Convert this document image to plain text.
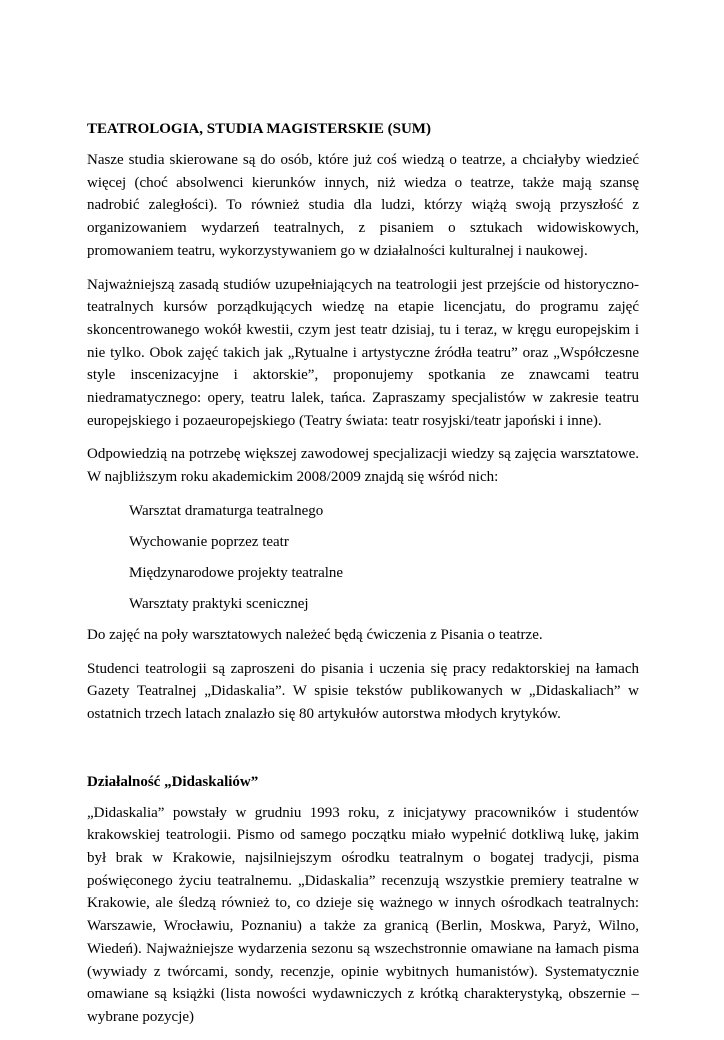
TEATROLOGIA, STUDIA MAGISTERSKIE (SUM)

Nasze studia skierowane są do osób, które już coś wiedzą o teatrze, a chciałyby wiedzieć więcej (choć absolwenci kierunków innych, niż wiedza o teatrze, także mają szansę nadrobić zaległości). To również studia dla ludzi, którzy wiążą swoją przyszłość z organizowaniem wydarzeń teatralnych, z pisaniem o sztukach widowiskowych, promowaniem teatru, wykorzystywaniem go w działalności kulturalnej i naukowej.

Najważniejszą zasadą studiów uzupełniających na teatrologii jest przejście od historyczno-teatralnych kursów porządkujących wiedzę na etapie licencjatu, do programu zajęć skoncentrowanego wokół kwestii, czym jest teatr dzisiaj, tu i teraz, w kręgu europejskim i nie tylko. Obok zajęć takich jak „Rytualne i artystyczne źródła teatru” oraz „Współczesne style inscenizacyjne i aktorskie”, proponujemy spotkania ze znawcami teatru niedramatycznego: opery, teatru lalek, tańca. Zapraszamy specjalistów w zakresie teatru europejskiego i pozaeuropejskiego (Teatry świata: teatr rosyjski/teatr japoński i inne).

Odpowiedzią na potrzebę większej zawodowej specjalizacji wiedzy są zajęcia warsztatowe. W najbliższym roku akademickim 2008/2009 znajdą się wśród nich:

Warsztat dramaturga teatralnego
Wychowanie poprzez teatr
Międzynarodowe projekty teatralne
Warsztaty praktyki scenicznej

Do zajęć na poły warsztatowych należeć będą ćwiczenia z Pisania o teatrze.

Studenci teatrologii są zaproszeni do pisania i uczenia się pracy redaktorskiej na łamach Gazety Teatralnej „Didaskalia”. W spisie tekstów publikowanych w „Didaskaliach” w ostatnich trzech latach znalazło się 80 artykułów autorstwa młodych krytyków.

Działalność „Didaskaliów”

„Didaskalia” powstały w grudniu 1993 roku, z inicjatywy pracowników i studentów krakowskiej teatrologii. Pismo od samego początku miało wypełnić dotkliwą lukę, jakim był brak w Krakowie, najsilniejszym ośrodku teatralnym o bogatej tradycji, pisma poświęconego życiu teatralnemu. „Didaskalia” recenzują wszystkie premiery teatralne w Krakowie, ale śledzą również to, co dzieje się ważnego w innych ośrodkach teatralnych: Warszawie, Wrocławiu, Poznaniu) a także za granicą (Berlin, Moskwa, Paryż, Wilno, Wiedeń). Najważniejsze wydarzenia sezonu są wszechstronnie omawiane na łamach pisma (wywiady z twórcami, sondy, recenzje, opinie wybitnych humanistów). Systematycznie omawiane są książki (lista nowości wydawniczych z krótką charakterystyką, obszernie – wybrane pozycje)
